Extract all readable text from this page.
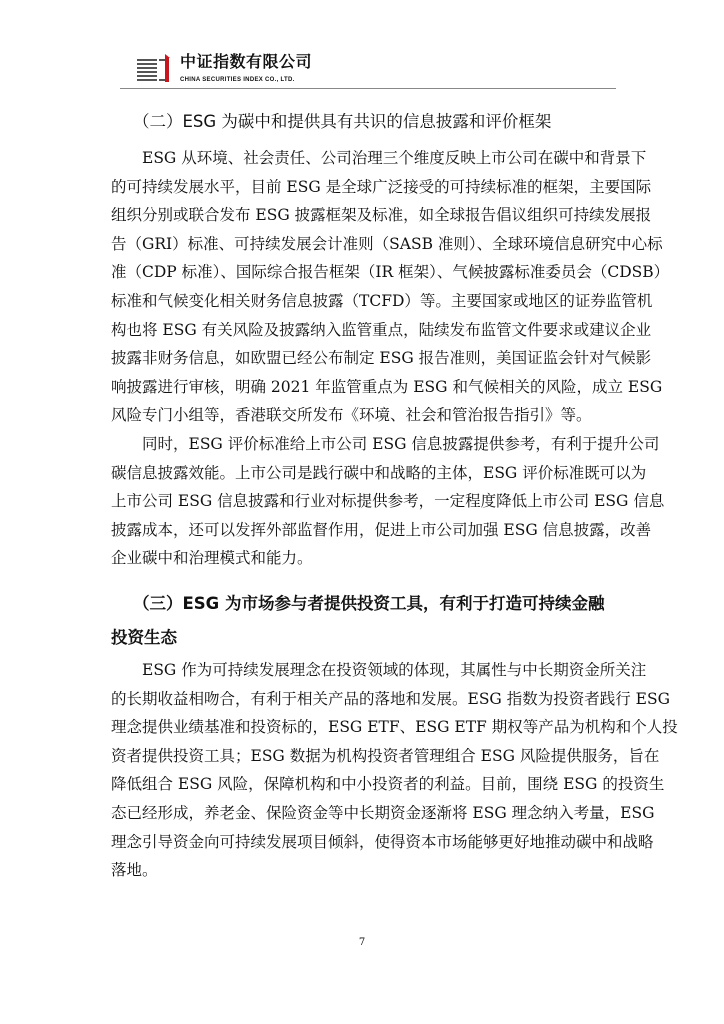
中证指数有限公司
CHINA SECURITIES INDEX CO., LTD.
（二）ESG 为碳中和提供具有共识的信息披露和评价框架
ESG 从环境、社会责任、公司治理三个维度反映上市公司在碳中和背景下
的可持续发展水平，目前 ESG 是全球广泛接受的可持续标准的框架，主要国际
组织分别或联合发布 ESG 披露框架及标准，如全球报告倡议组织可持续发展报
告（GRI）标准、可持续发展会计准则（SASB 准则）、全球环境信息研究中心标
准（CDP 标准）、国际综合报告框架（IR 框架）、气候披露标准委员会（CDSB）
标准和气候变化相关财务信息披露（TCFD）等。主要国家或地区的证券监管机
构也将 ESG 有关风险及披露纳入监管重点，陆续发布监管文件要求或建议企业
披露非财务信息，如欧盟已经公布制定 ESG 报告准则，美国证监会针对气候影
响披露进行审核，明确 2021 年监管重点为 ESG 和气候相关的风险，成立 ESG
风险专门小组等，香港联交所发布《环境、社会和管治报告指引》等。
同时，ESG 评价标准给上市公司 ESG 信息披露提供参考，有利于提升公司
碳信息披露效能。上市公司是践行碳中和战略的主体，ESG 评价标准既可以为
上市公司 ESG 信息披露和行业对标提供参考，一定程度降低上市公司 ESG 信息
披露成本，还可以发挥外部监督作用，促进上市公司加强 ESG 信息披露，改善
企业碳中和治理模式和能力。
（三）ESG 为市场参与者提供投资工具，有利于打造可持续金融
投资生态
ESG 作为可持续发展理念在投资领域的体现，其属性与中长期资金所关注
的长期收益相吻合，有利于相关产品的落地和发展。ESG 指数为投资者践行 ESG
理念提供业绩基准和投资标的，ESG ETF、ESG ETF 期权等产品为机构和个人投
资者提供投资工具；ESG 数据为机构投资者管理组合 ESG 风险提供服务，旨在
降低组合 ESG 风险，保障机构和中小投资者的利益。目前，围绕 ESG 的投资生
态已经形成，养老金、保险资金等中长期资金逐渐将 ESG 理念纳入考量，ESG
理念引导资金向可持续发展项目倾斜，使得资本市场能够更好地推动碳中和战略
落地。
7
